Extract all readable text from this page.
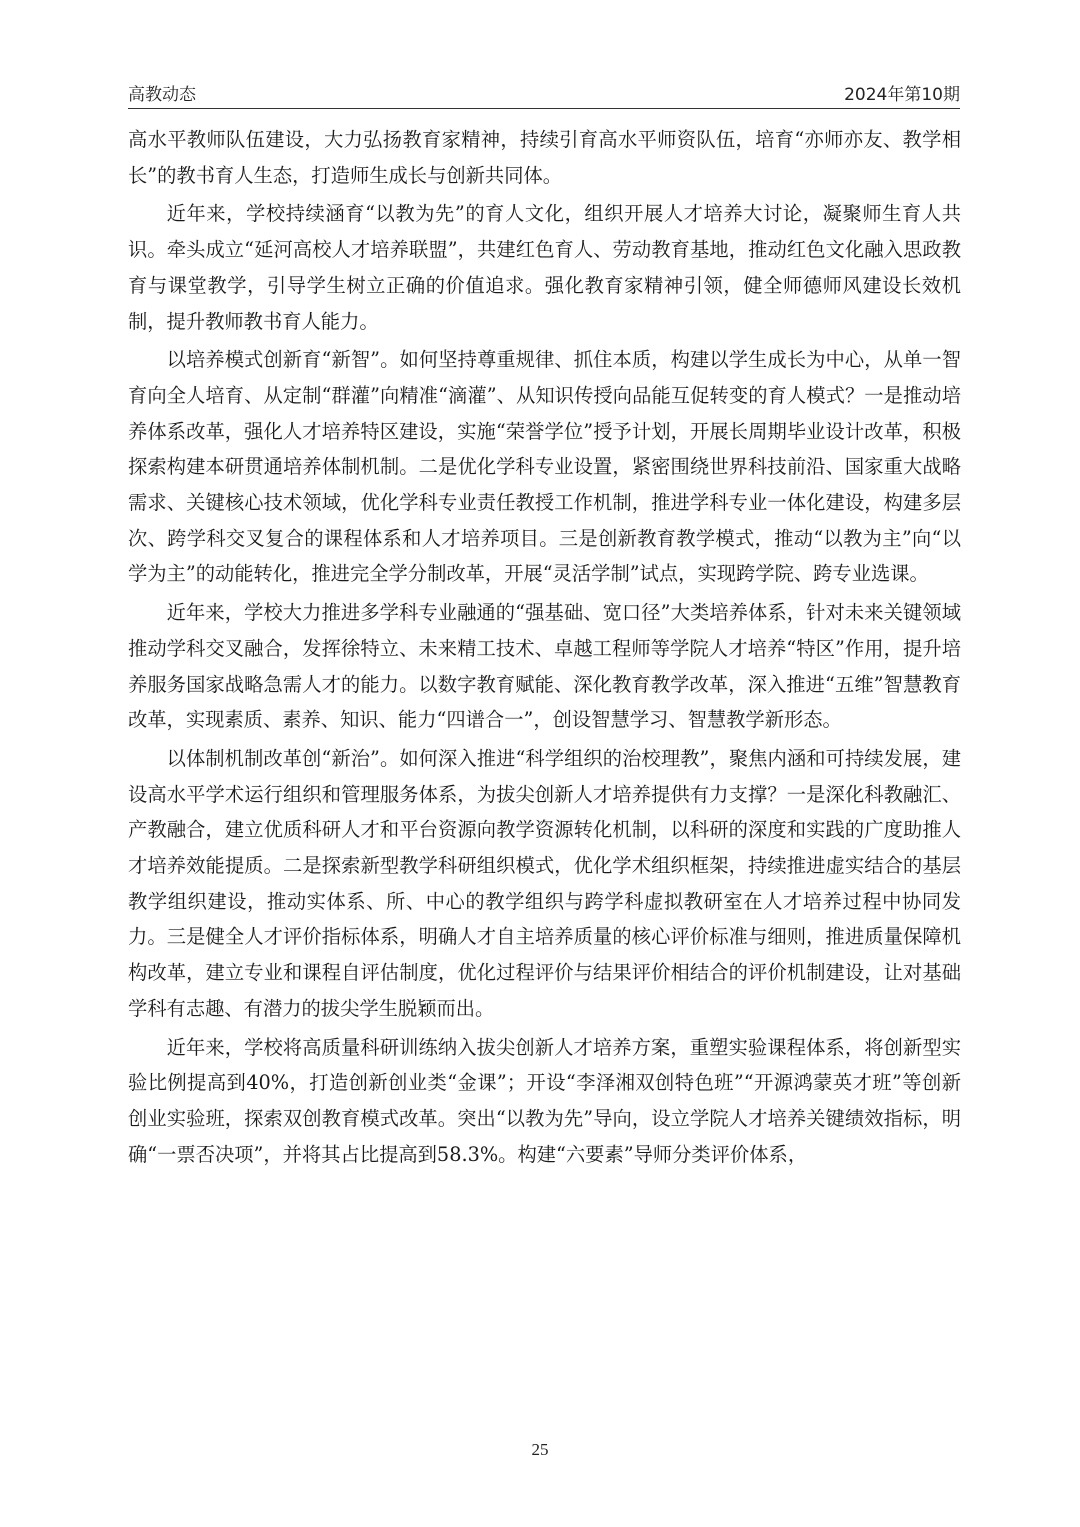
高教动态	2024年第10期

高水平教师队伍建设，大力弘扬教育家精神，持续引育高水平师资队伍，培育“亦师亦友、教学相长”的教书育人生态，打造师生成长与创新共同体。

近年来，学校持续涵育“以教为先”的育人文化，组织开展人才培养大讨论，凝聚师生育人共识。牵头成立“延河高校人才培养联盟”，共建红色育人、劳动教育基地，推动红色文化融入思政教育与课堂教学，引导学生树立正确的价值追求。强化教育家精神引领，健全师德师风建设长效机制，提升教师教书育人能力。

以培养模式创新育“新智”。如何坚持尊重规律、抓住本质，构建以学生成长为中心，从单一智育向全人培育、从定制“群灌”向精准“滴灌”、从知识传授向品能互促转变的育人模式？一是推动培养体系改革，强化人才培养特区建设，实施“荣誉学位”授予计划，开展长周期毕业设计改革，积极探索构建本研贯通培养体制机制。二是优化学科专业设置，紧密围绕世界科技前沿、国家重大战略需求、关键核心技术领域，优化学科专业责任教授工作机制，推进学科专业一体化建设，构建多层次、跨学科交叉复合的课程体系和人才培养项目。三是创新教育教学模式，推动“以教为主”向“以学为主”的动能转化，推进完全学分制改革，开展“灵活学制”试点，实现跨学院、跨专业选课。

近年来，学校大力推进多学科专业融通的“强基础、宽口径”大类培养体系，针对未来关键领域推动学科交叉融合，发挥徐特立、未来精工技术、卓越工程师等学院人才培养“特区”作用，提升培养服务国家战略急需人才的能力。以数字教育赋能、深化教育教学改革，深入推进“五维”智慧教育改革，实现素质、素养、知识、能力“四谱合一”，创设智慧学习、智慧教学新形态。

以体制机制改革创“新治”。如何深入推进“科学组织的治校理教”，聚焦内涵和可持续发展，建设高水平学术运行组织和管理服务体系，为拔尖创新人才培养提供有力支撑？一是深化科教融汇、产教融合，建立优质科研人才和平台资源向教学资源转化机制，以科研的深度和实践的广度助推人才培养效能提质。二是探索新型教学科研组织模式，优化学术组织框架，持续推进虚实结合的基层教学组织建设，推动实体系、所、中心的教学组织与跨学科虚拟教研室在人才培养过程中协同发力。三是健全人才评价指标体系，明确人才自主培养质量的核心评价标准与细则，推进质量保障机构改革，建立专业和课程自评估制度，优化过程评价与结果评价相结合的评价机制建设，让对基础学科有志趣、有潜力的拔尖学生脱颖而出。

近年来，学校将高质量科研训练纳入拔尖创新人才培养方案，重塑实验课程体系，将创新型实验比例提高到40%，打造创新创业类“金课”；开设“李泽湘双创特色班”“开源鸿蒙英才班”等创新创业实验班，探索双创教育模式改革。突出“以教为先”导向，设立学院人才培养关键绩效指标，明确“一票否决项”，并将其占比提高到58.3%。构建“六要素”导师分类评价体系，

25
